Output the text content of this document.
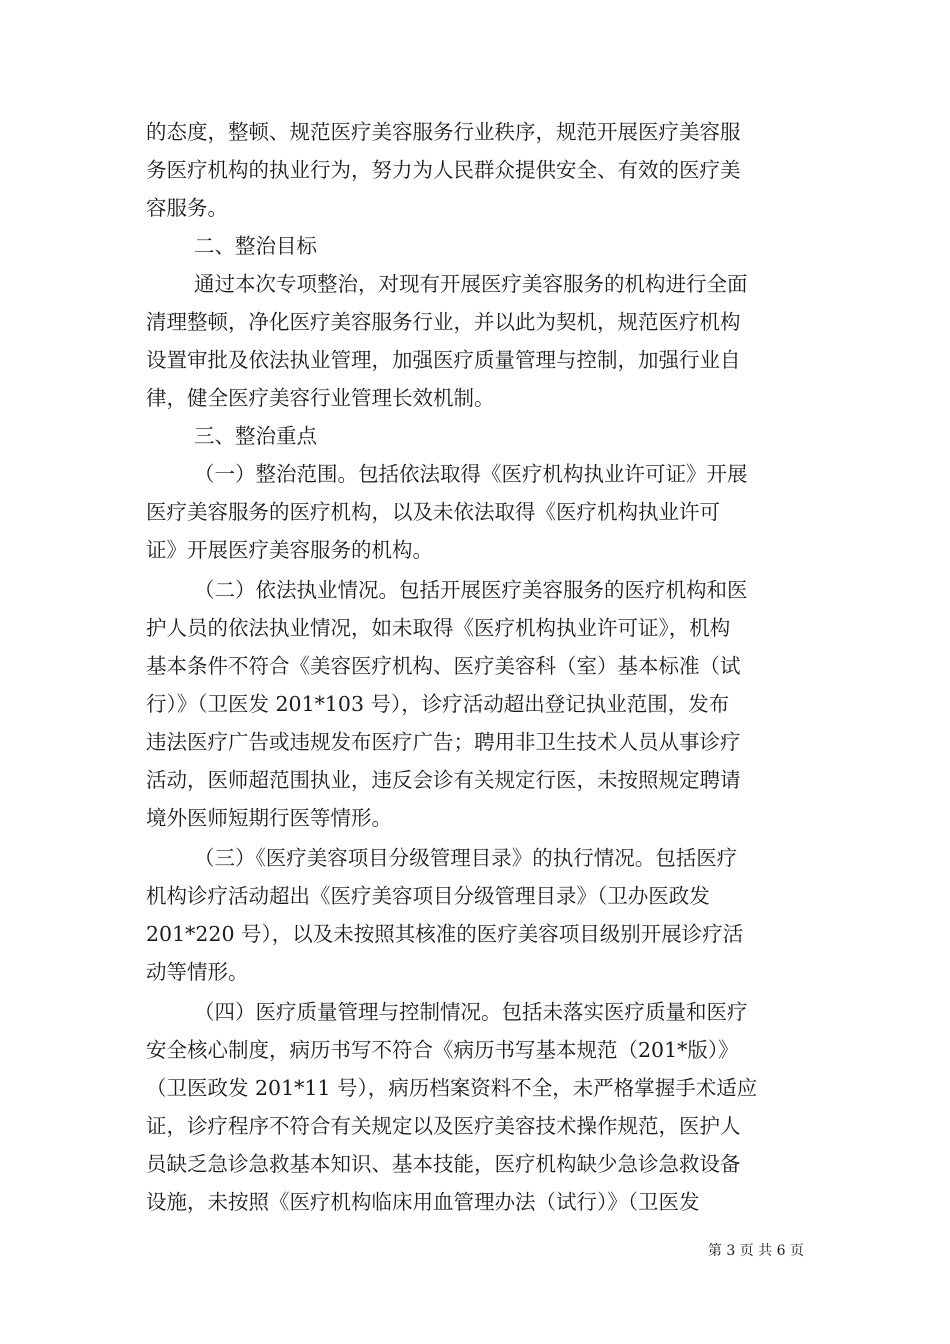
的态度，整顿、规范医疗美容服务行业秩序，规范开展医疗美容服
务医疗机构的执业行为，努力为人民群众提供安全、有效的医疗美
容服务。
二、整治目标
通过本次专项整治，对现有开展医疗美容服务的机构进行全面
清理整顿，净化医疗美容服务行业，并以此为契机，规范医疗机构
设置审批及依法执业管理，加强医疗质量管理与控制，加强行业自
律，健全医疗美容行业管理长效机制。
三、整治重点
（一）整治范围。包括依法取得《医疗机构执业许可证》开展
医疗美容服务的医疗机构，以及未依法取得《医疗机构执业许可
证》开展医疗美容服务的机构。
（二）依法执业情况。包括开展医疗美容服务的医疗机构和医
护人员的依法执业情况，如未取得《医疗机构执业许可证》，机构
基本条件不符合《美容医疗机构、医疗美容科（室）基本标准（试
行）》（卫医发 201*103 号），诊疗活动超出登记执业范围，发布
违法医疗广告或违规发布医疗广告；聘用非卫生技术人员从事诊疗
活动，医师超范围执业，违反会诊有关规定行医，未按照规定聘请
境外医师短期行医等情形。
（三）《医疗美容项目分级管理目录》的执行情况。包括医疗
机构诊疗活动超出《医疗美容项目分级管理目录》（卫办医政发
201*220 号），以及未按照其核准的医疗美容项目级别开展诊疗活
动等情形。
（四）医疗质量管理与控制情况。包括未落实医疗质量和医疗
安全核心制度，病历书写不符合《病历书写基本规范（201*版）》
（卫医政发 201*11 号），病历档案资料不全，未严格掌握手术适应
证，诊疗程序不符合有关规定以及医疗美容技术操作规范，医护人
员缺乏急诊急救基本知识、基本技能，医疗机构缺少急诊急救设备
设施，未按照《医疗机构临床用血管理办法（试行）》（卫医发
第 3 页 共 6 页
